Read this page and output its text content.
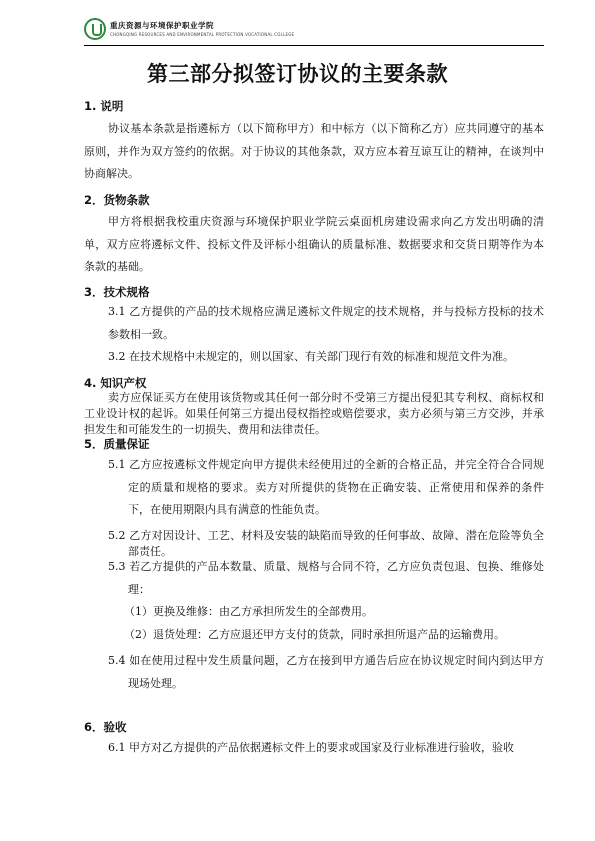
重庆资源与环境保护职业学院
CHONGQING RESOURCES AND ENVIRONMENTAL PROTECTION VOCATIONAL COLLEGE
第三部分拟签订协议的主要条款
1. 说明
协议基本条款是指遴标方（以下简称甲方）和中标方（以下简称乙方）应共同遵守的基本原则，并作为双方签约的依据。对于协议的其他条款，双方应本着互谅互让的精神，在谈判中协商解决。
2．货物条款
甲方将根据我校重庆资源与环境保护职业学院云桌面机房建设需求向乙方发出明确的清单，双方应将遴标文件、投标文件及评标小组确认的质量标准、数据要求和交货日期等作为本条款的基础。
3．技术规格
3.1 乙方提供的产品的技术规格应满足遴标文件规定的技术规格，并与投标方投标的技术参数相一致。
3.2 在技术规格中未规定的，则以国家、有关部门现行有效的标准和规范文件为准。
4. 知识产权
卖方应保证买方在使用该货物或其任何一部分时不受第三方提出侵犯其专利权、商标权和工业设计权的起诉。如果任何第三方提出侵权指控或赔偿要求，卖方必须与第三方交涉，并承担发生和可能发生的一切损失、费用和法律责任。
5．质量保证
5.1 乙方应按遴标文件规定向甲方提供未经使用过的全新的合格正品，并完全符合合同规定的质量和规格的要求。卖方对所提供的货物在正确安装、正常使用和保养的条件下，在使用期限内具有满意的性能负责。
5.2 乙方对因设计、工艺、材料及安装的缺陷而导致的任何事故、故障、潜在危险等负全部责任。
5.3 若乙方提供的产品本数量、质量、规格与合同不符，乙方应负责包退、包换、维修处理：
（1）更换及维修：由乙方承担所发生的全部费用。
（2）退货处理：乙方应退还甲方支付的货款，同时承担所退产品的运输费用。
5.4 如在使用过程中发生质量问题，乙方在接到甲方通告后应在协议规定时间内到达甲方现场处理。
6．验收
6.1 甲方对乙方提供的产品依据遴标文件上的要求或国家及行业标准进行验收，验收
